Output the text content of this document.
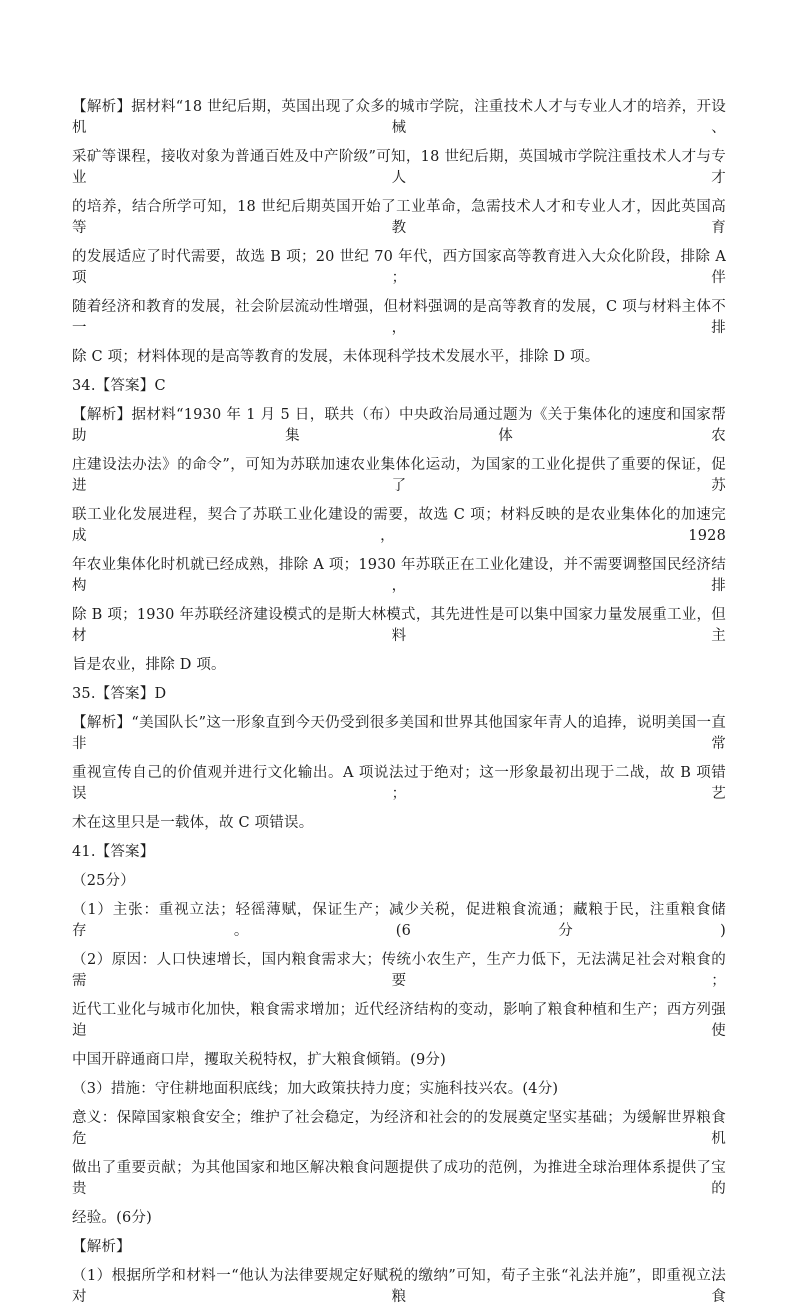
【解析】据材料“18 世纪后期，英国出现了众多的城市学院，注重技术人才与专业人才的培养，开设机械、
采矿等课程，接收对象为普通百姓及中产阶级”可知，18 世纪后期，英国城市学院注重技术人才与专业人才
的培养，结合所学可知，18 世纪后期英国开始了工业革命，急需技术人才和专业人才，因此英国高等教育
的发展适应了时代需要，故选 B 项；20 世纪 70 年代，西方国家高等教育进入大众化阶段，排除 A 项；伴
随着经济和教育的发展，社会阶层流动性增强，但材料强调的是高等教育的发展，C 项与材料主体不一，排
除 C 项；材料体现的是高等教育的发展，未体现科学技术发展水平，排除 D 项。
34.【答案】C
【解析】据材料“1930 年 1 月 5 日，联共（布）中央政治局通过题为《关于集体化的速度和国家帮助集体农
庄建设法办法》的命令”，可知为苏联加速农业集体化运动，为国家的工业化提供了重要的保证，促进了苏
联工业化发展进程，契合了苏联工业化建设的需要，故选 C 项；材料反映的是农业集体化的加速完成，1928
年农业集体化时机就已经成熟，排除 A 项；1930 年苏联正在工业化建设，并不需要调整国民经济结构，排
除 B 项；1930 年苏联经济建设模式的是斯大林模式，其先进性是可以集中国家力量发展重工业，但材料主
旨是农业，排除 D 项。
35.【答案】D
【解析】“美国队长”这一形象直到今天仍受到很多美国和世界其他国家年青人的追捧，说明美国一直非常
重视宣传自己的价值观并进行文化输出。A 项说法过于绝对；这一形象最初出现于二战，故 B 项错误；艺
术在这里只是一载体，故 C 项错误。
41.【答案】
（25分）
（1）主张：重视立法；轻徭薄赋，保证生产；减少关税，促进粮食流通；藏粮于民，注重粮食储存。(6分)
（2）原因：人口快速增长，国内粮食需求大；传统小农生产，生产力低下，无法满足社会对粮食的需要；
近代工业化与城市化加快，粮食需求增加；近代经济结构的变动，影响了粮食种植和生产；西方列强迫使
中国开辟通商口岸，攫取关税特权，扩大粮食倾销。(9分)
（3）措施：守住耕地面积底线；加大政策扶持力度；实施科技兴农。(4分)
意义：保障国家粮食安全；维护了社会稳定，为经济和社会的的发展奠定坚实基础；为缓解世界粮食危机
做出了重要贡献；为其他国家和地区解决粮食问题提供了成功的范例，为推进全球治理体系提供了宝贵的
经验。(6分)
【解析】
（1）根据所学和材料一“他认为法律要规定好赋税的缴纳”可知，荀子主张“礼法并施”，即重视立法对粮食
